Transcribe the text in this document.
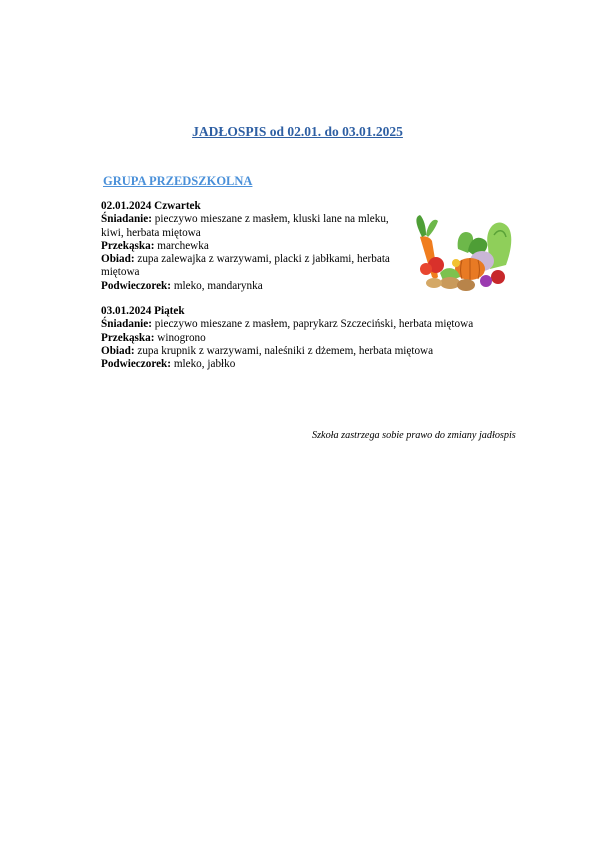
JADŁOSPIS od 02.01. do 03.01.2025
GRUPA PRZEDSZKOLNA
02.01.2024 Czwartek

Śniadanie: pieczywo mieszane z masłem, kluski lane na mleku, kiwi, herbata miętowa

Przekąska: marchewka

Obiad: zupa zalewajka z warzywami, placki z jabłkami, herbata miętowa

Podwieczorek: mleko, mandarynka

03.01.2024 Piątek

Śniadanie: pieczywo mieszane z masłem, paprykarz Szczeciński, herbata miętowa

Przekąska: winogrono

Obiad: zupa krupnik z warzywami, naleśniki z dżemem, herbata miętowa

Podwieczorek: mleko, jabłko

Szkoła zastrzega sobie prawo do zmiany jadłospis
